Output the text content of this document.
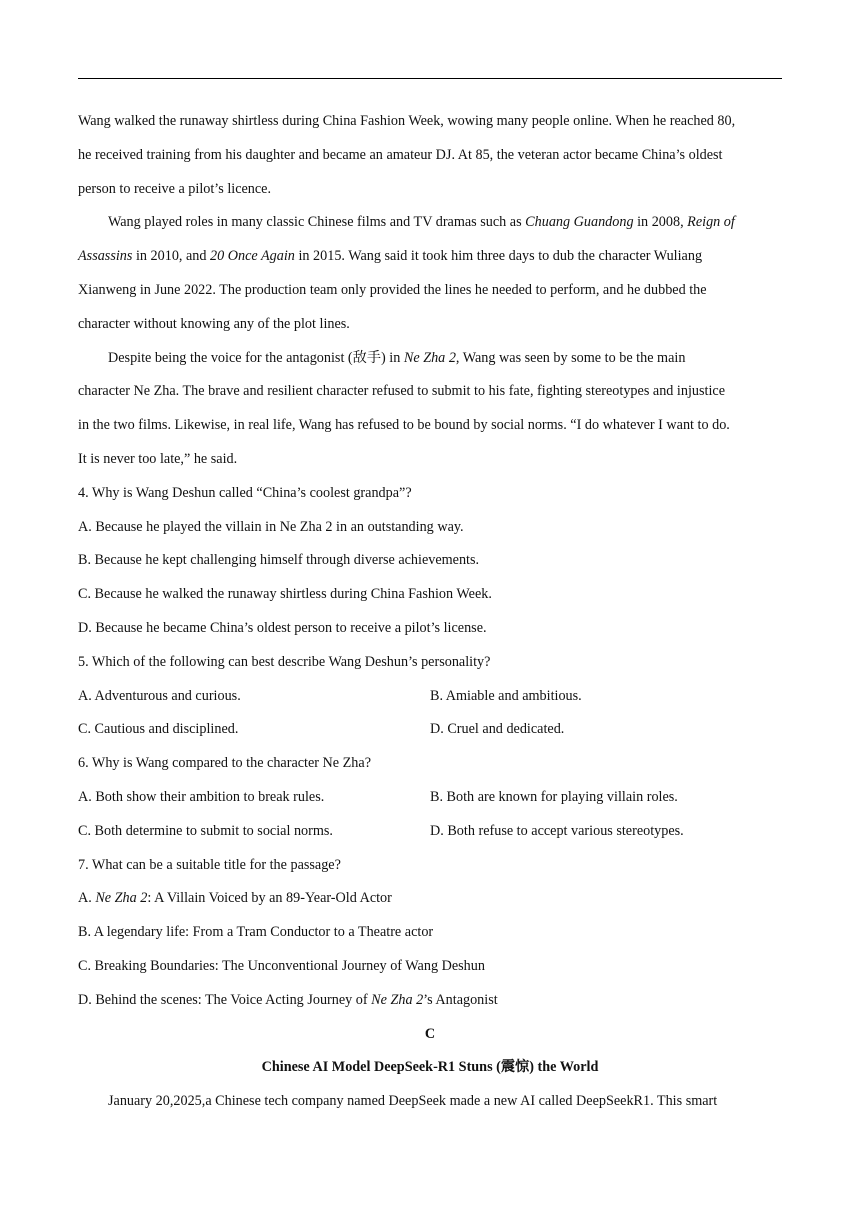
Wang walked the runaway shirtless during China Fashion Week, wowing many people online. When he reached 80,
he received training from his daughter and became an amateur DJ. At 85, the veteran actor became China’s oldest
person to receive a pilot’s licence.
Wang played roles in many classic Chinese films and TV dramas such as Chuang Guandong in 2008, Reign of
Assassins in 2010, and 20 Once Again in 2015. Wang said it took him three days to dub the character Wuliang
Xianweng in June 2022. The production team only provided the lines he needed to perform, and he dubbed the
character without knowing any of the plot lines.
Despite being the voice for the antagonist (敌手) in Ne Zha 2, Wang was seen by some to be the main
character Ne Zha. The brave and resilient character refused to submit to his fate, fighting stereotypes and injustice
in the two films. Likewise, in real life, Wang has refused to be bound by social norms. “I do whatever I want to do.
It is never too late,” he said.
4. Why is Wang Deshun called “China’s coolest grandpa”?
A. Because he played the villain in Ne Zha 2 in an outstanding way.
B. Because he kept challenging himself through diverse achievements.
C. Because he walked the runaway shirtless during China Fashion Week.
D. Because he became China’s oldest person to receive a pilot’s license.
5. Which of the following can best describe Wang Deshun’s personality?
A. Adventurous and curious.	B. Amiable and ambitious.
C. Cautious and disciplined.	D. Cruel and dedicated.
6. Why is Wang compared to the character Ne Zha?
A. Both show their ambition to break rules.	B. Both are known for playing villain roles.
C. Both determine to submit to social norms.	D. Both refuse to accept various stereotypes.
7. What can be a suitable title for the passage?
A. Ne Zha 2: A Villain Voiced by an 89-Year-Old Actor
B. A legendary life: From a Tram Conductor to a Theatre actor
C. Breaking Boundaries: The Unconventional Journey of Wang Deshun
D. Behind the scenes: The Voice Acting Journey of Ne Zha 2’s Antagonist
C
Chinese AI Model DeepSeek-R1 Stuns (震惊) the World
January 20,2025,a Chinese tech company named DeepSeek made a new AI called DeepSeekR1. This smart
